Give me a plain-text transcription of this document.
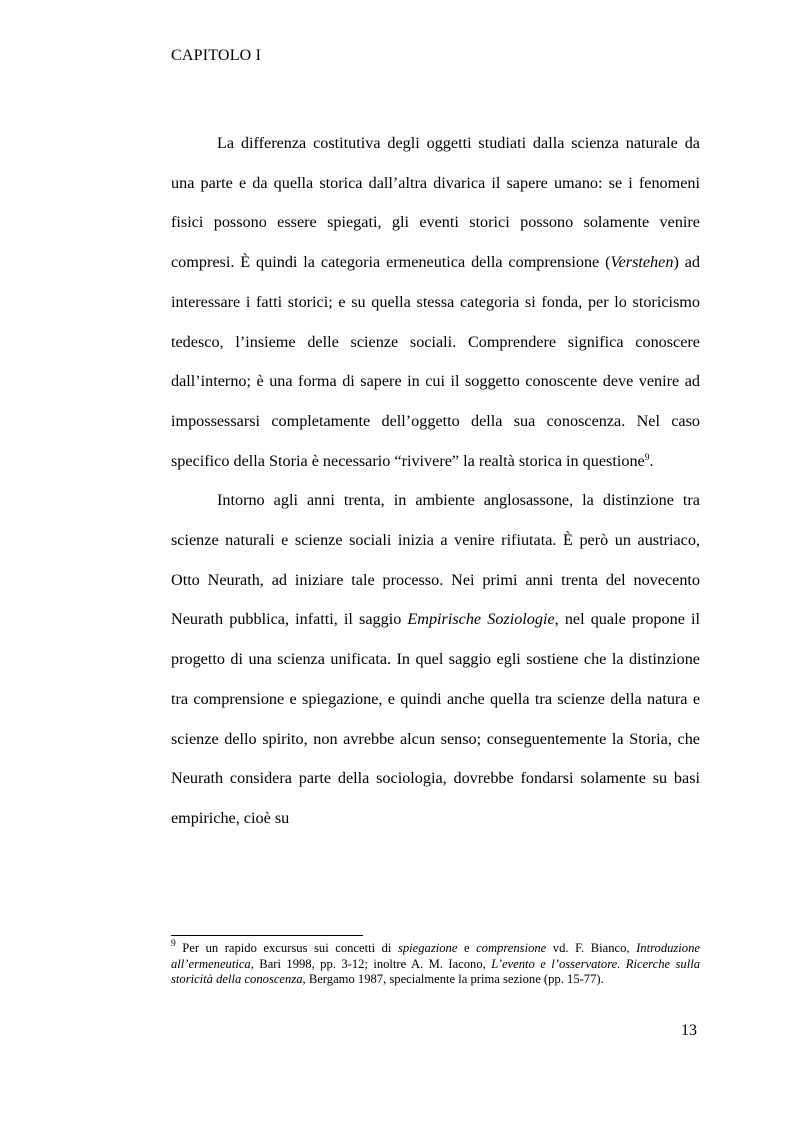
CAPITOLO I

La differenza costitutiva degli oggetti studiati dalla scienza naturale da una parte e da quella storica dall’altra divarica il sapere umano: se i fenomeni fisici possono essere spiegati, gli eventi storici possono solamente venire compresi. È quindi la categoria ermeneutica della comprensione (Verstehen) ad interessare i fatti storici; e su quella stessa categoria si fonda, per lo storicismo tedesco, l’insieme delle scienze sociali. Comprendere significa conoscere dall’interno; è una forma di sapere in cui il soggetto conoscente deve venire ad impossessarsi completamente dell’oggetto della sua conoscenza. Nel caso specifico della Storia è necessario “rivivere” la realtà storica in questione$^9$.

Intorno agli anni trenta, in ambiente anglosassone, la distinzione tra scienze naturali e scienze sociali inizia a venire rifiutata. È però un austriaco, Otto Neurath, ad iniziare tale processo. Nei primi anni trenta del novecento Neurath pubblica, infatti, il saggio Empirische Soziologie, nel quale propone il progetto di una scienza unificata. In quel saggio egli sostiene che la distinzione tra comprensione e spiegazione, e quindi anche quella tra scienze della natura e scienze dello spirito, non avrebbe alcun senso; conseguentemente la Storia, che Neurath considera parte della sociologia, dovrebbe fondarsi solamente su basi empiriche, cioè su

$^9$ Per un rapido excursus sui concetti di spiegazione e comprensione vd. F. Bianco, Introduzione all’ermeneutica, Bari 1998, pp. 3-12; inoltre A. M. Iacono, L’evento e l’osservatore. Ricerche sulla storicità della conoscenza, Bergamo 1987, specialmente la prima sezione (pp. 15-77).
13
